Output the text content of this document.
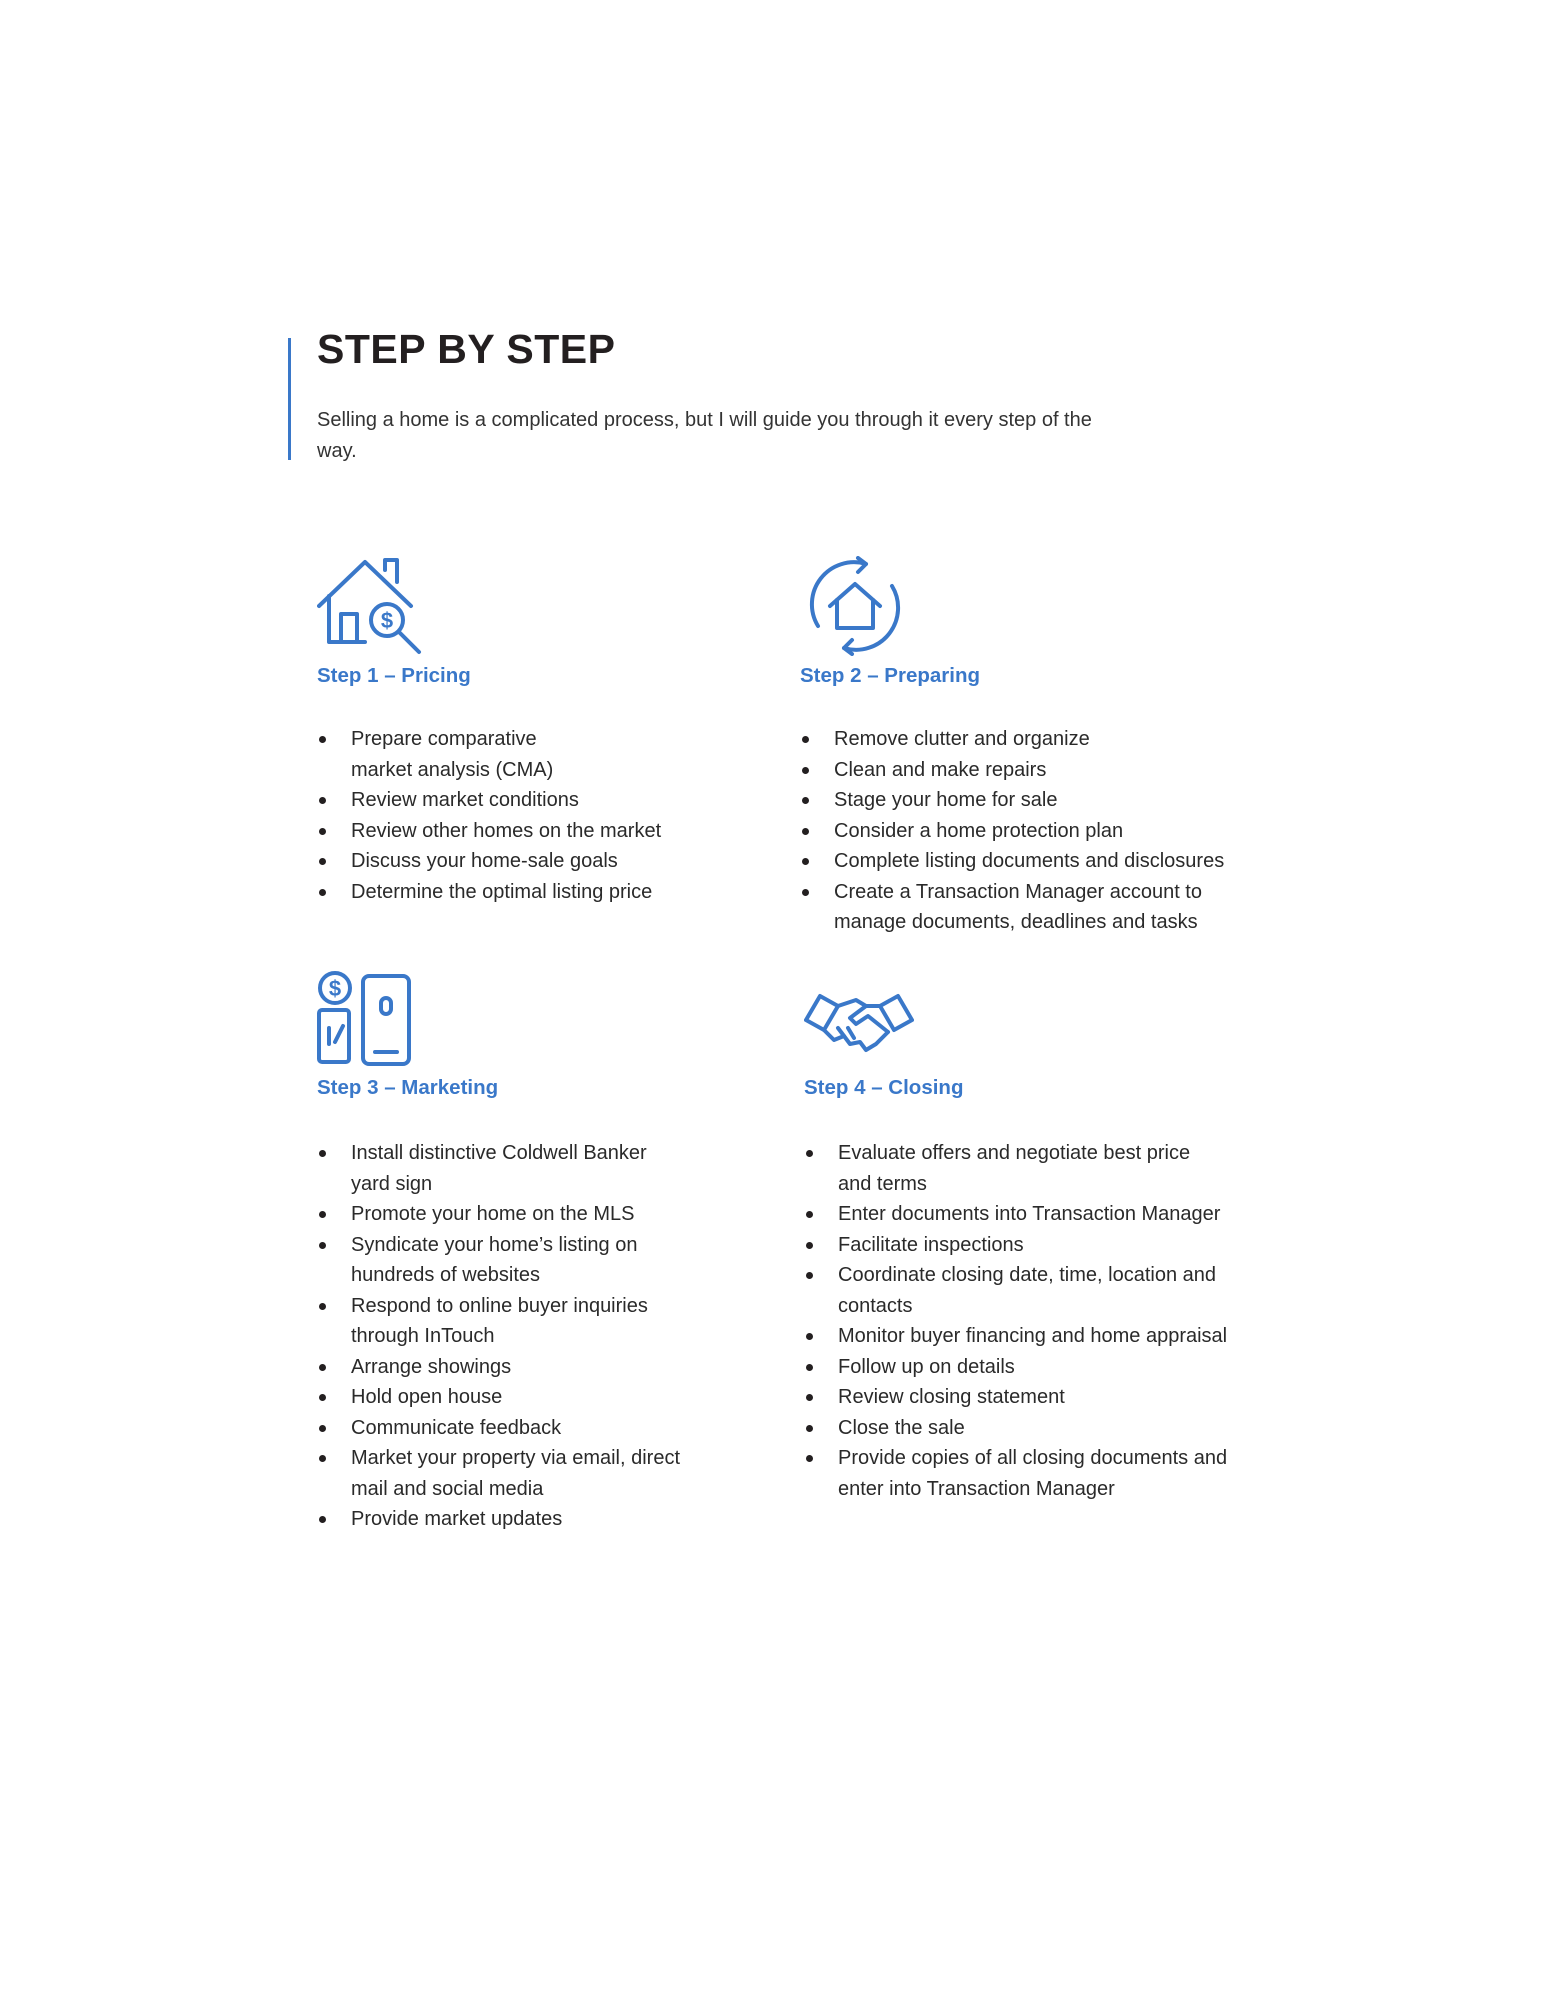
STEP BY STEP

Selling a home is a complicated process, but I will guide you through it every step of the way.

$
Step 1 – Pricing
Prepare comparative market analysis (CMA)
Review market conditions
Review other homes on the market
Discuss your home-sale goals
Determine the optimal listing price
Step 2 – Preparing
Remove clutter and organize
Clean and make repairs
Stage your home for sale
Consider a home protection plan
Complete listing documents and disclosures
Create a Transaction Manager account to manage documents, deadlines and tasks
$
Step 3 – Marketing
Install distinctive Coldwell Banker yard sign
Promote your home on the MLS
Syndicate your home’s listing on hundreds of websites
Respond to online buyer inquiries through InTouch
Arrange showings
Hold open house
Communicate feedback
Market your property via email, direct mail and social media
Provide market updates
Step 4 – Closing
Evaluate offers and negotiate best price and terms
Enter documents into Transaction Manager
Facilitate inspections
Coordinate closing date, time, location and contacts
Monitor buyer financing and home appraisal
Follow up on details
Review closing statement
Close the sale
Provide copies of all closing documents and enter into Transaction Manager
